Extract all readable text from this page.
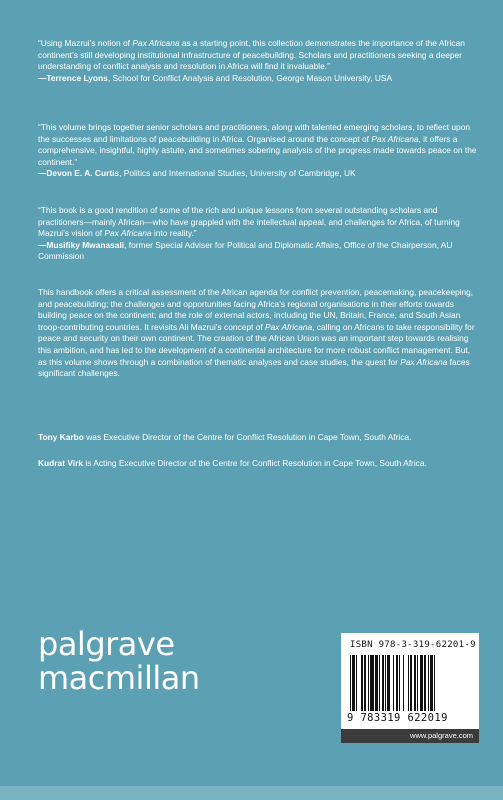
“Using Mazrui’s notion of Pax Africana as a starting point, this collection demonstrates the importance of the African continent’s still developing institutional infrastructure of peacebuilding. Scholars and practitioners seeking a deeper understanding of conflict analysis and resolution in Africa will find it invaluable.”

—Terrence Lyons, School for Conflict Analysis and Resolution, George Mason University, USA

“This volume brings together senior scholars and practitioners, along with talented emerging scholars, to reflect upon the successes and limitations of peacebuilding in Africa. Organised around the concept of Pax Africana, it offers a comprehensive, insightful, highly astute, and sometimes sobering analysis of the progress made towards peace on the continent.”

—Devon E. A. Curtis, Politics and International Studies, University of Cambridge, UK

“This book is a good rendition of some of the rich and unique lessons from several outstanding scholars and practitioners—mainly African—who have grappled with the intellectual appeal, and challenges for Africa, of turning Mazrui’s vision of Pax Africana into reality.”

—Musifiky Mwanasali, former Special Adviser for Political and Diplomatic Affairs, Office of the Chairperson, AU Commission

This handbook offers a critical assessment of the African agenda for conflict prevention, peacemaking, peacekeeping, and peacebuilding; the challenges and opportunities facing Africa’s regional organisations in their efforts towards building peace on the continent; and the role of external actors, including the UN, Britain, France, and South Asian troop-contributing countries. It revisits Ali Mazrui’s concept of Pax Africana, calling on Africans to take responsibility for peace and security on their own continent. The creation of the African Union was an important step towards realising this ambition, and has led to the development of a continental architecture for more robust conflict management. But, as this volume shows through a combination of thematic analyses and case studies, the quest for Pax Africana faces significant challenges.

Tony Karbo was Executive Director of the Centre for Conflict Resolution in Cape Town, South Africa.

Kudrat Virk is Acting Executive Director of the Centre for Conflict Resolution in Cape Town, South Africa.

palgrave
macmillan
ISBN 978-3-319-62201-9
9 783319 622019
www.palgrave.com
